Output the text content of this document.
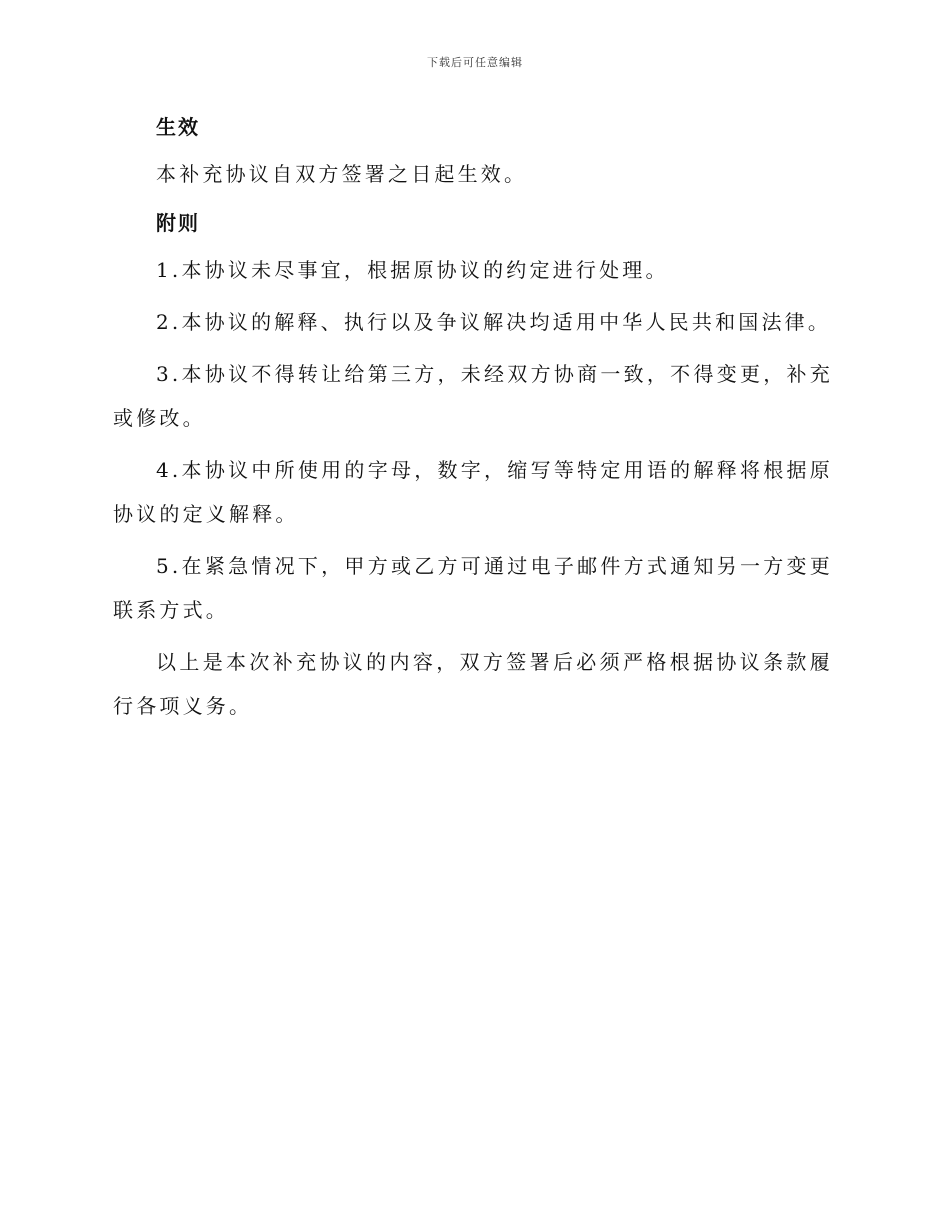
下载后可任意编辑
生效

本补充协议自双方签署之日起生效。

附则

1.本协议未尽事宜，根据原协议的约定进行处理。

2.本协议的解释、执行以及争议解决均适用中华人民共和国法律。

3.本协议不得转让给第三方，未经双方协商一致，不得变更，补充或修改。

4.本协议中所使用的字母，数字，缩写等特定用语的解释将根据原协议的定义解释。

5.在紧急情况下，甲方或乙方可通过电子邮件方式通知另一方变更联系方式。

以上是本次补充协议的内容，双方签署后必须严格根据协议条款履行各项义务。
